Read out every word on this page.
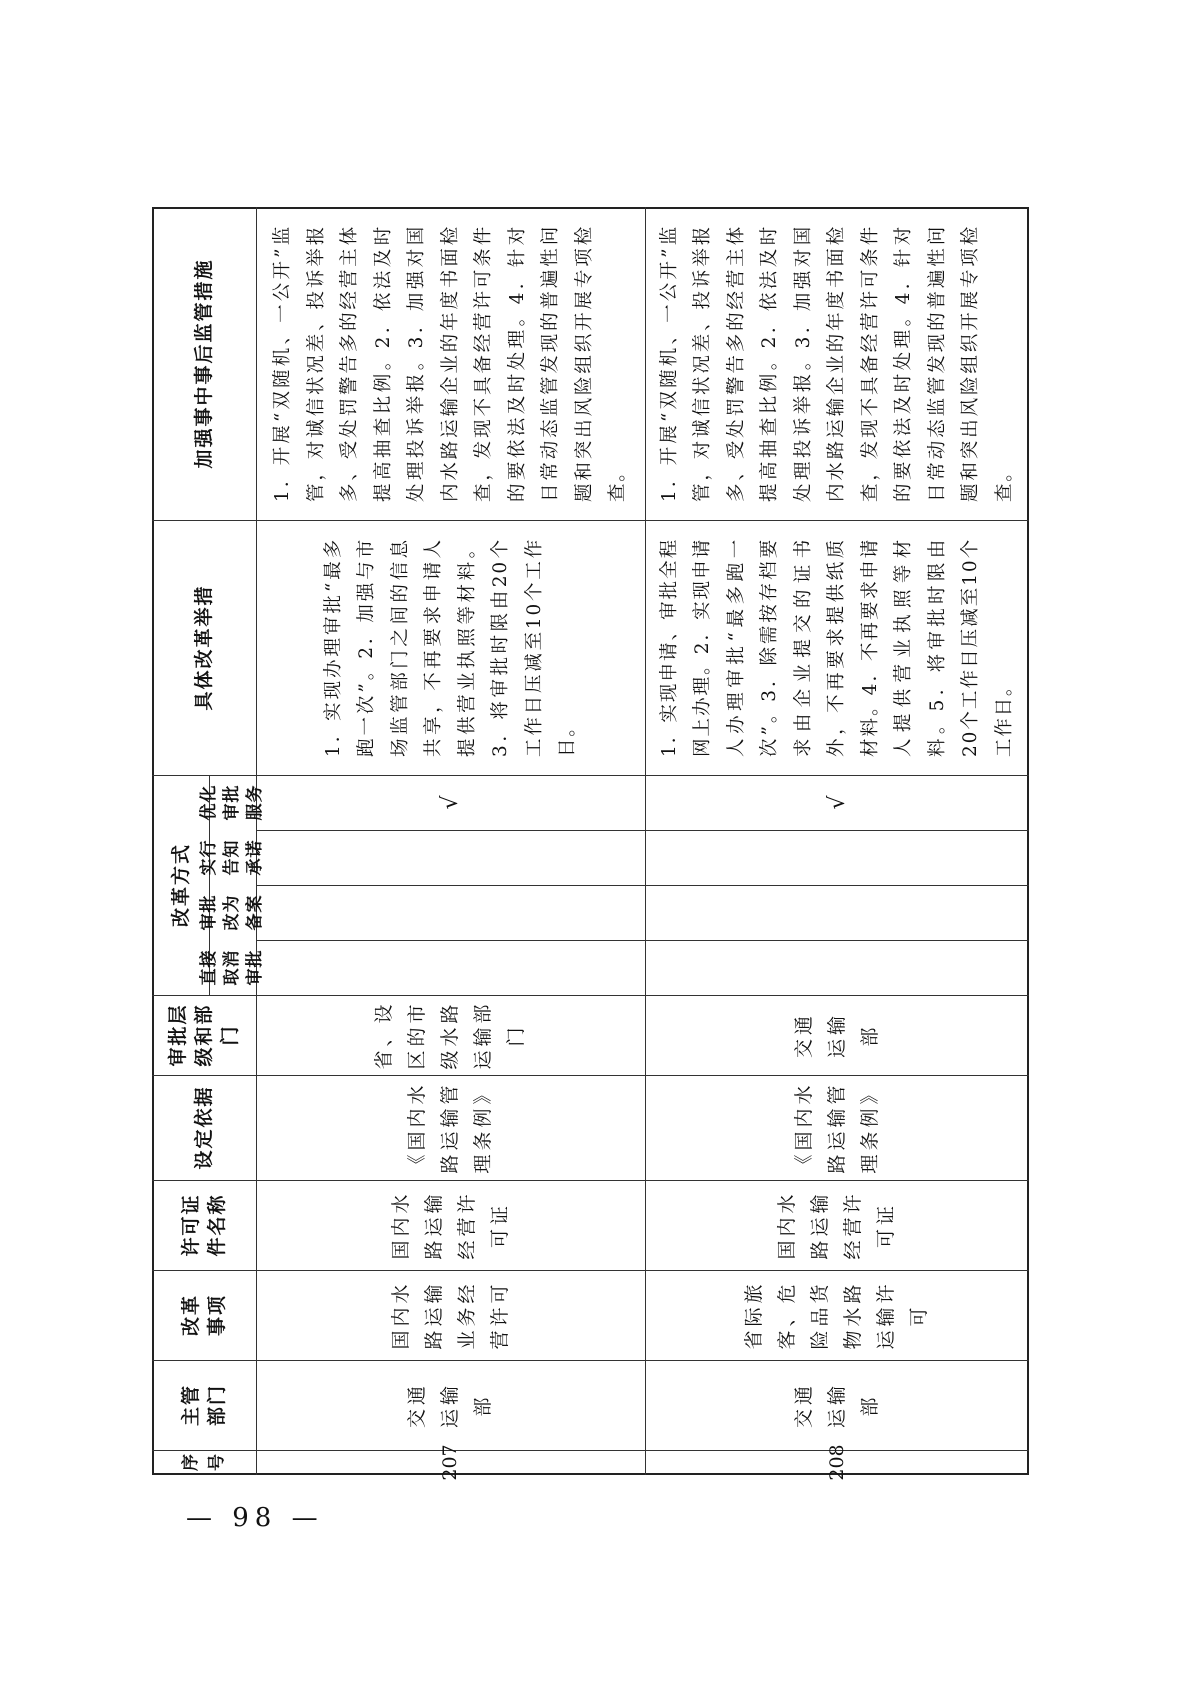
加强事中事后监管措施
具体改革举措
改革方式
优化审批服务
实行告知承诺
审批改为备案
直接取消审批
审批层级和部门
设定依据
许可证件名称
改革事项
主管部门
序号
1．开展“双随机、一公开”监管，对诚信状况差、投诉举报多、受处罚警告多的经营主体提高抽查比例。2．依法及时处理投诉举报。3．加强对国内水路运输企业的年度书面检查，发现不具备经营许可条件的要依法及时处理。4．针对日常动态监管发现的普遍性问题和突出风险组织开展专项检查。
1．实现办理审批“最多跑一次”。2．加强与市场监管部门之间的信息共享，不再要求申请人提供营业执照等材料。3．将审批时限由20个工作日压减至10个工作日。
√
省、设区的市级水路运输部门
《国内水路运输管理条例》
国内水路运输经营许可证
国内水路运输业务经营许可
交通运输部
207
1．开展“双随机、一公开”监管，对诚信状况差、投诉举报多、受处罚警告多的经营主体提高抽查比例。2．依法及时处理投诉举报。3．加强对国内水路运输企业的年度书面检查，发现不具备经营许可条件的要依法及时处理。4．针对日常动态监管发现的普遍性问题和突出风险组织开展专项检查。
1．实现申请、审批全程网上办理。2．实现申请人办理审批“最多跑一次”。3．除需按存档要求由企业提交的证书外，不再要求提供纸质材料。4．不再要求申请人提供营业执照等材料。5．将审批时限由20个工作日压减至10个工作日。
√
交通运输部
《国内水路运输管理条例》
国内水路运输经营许可证
省际旅客、危险品货物水路运输许可
交通运输部
208
— 98 —
